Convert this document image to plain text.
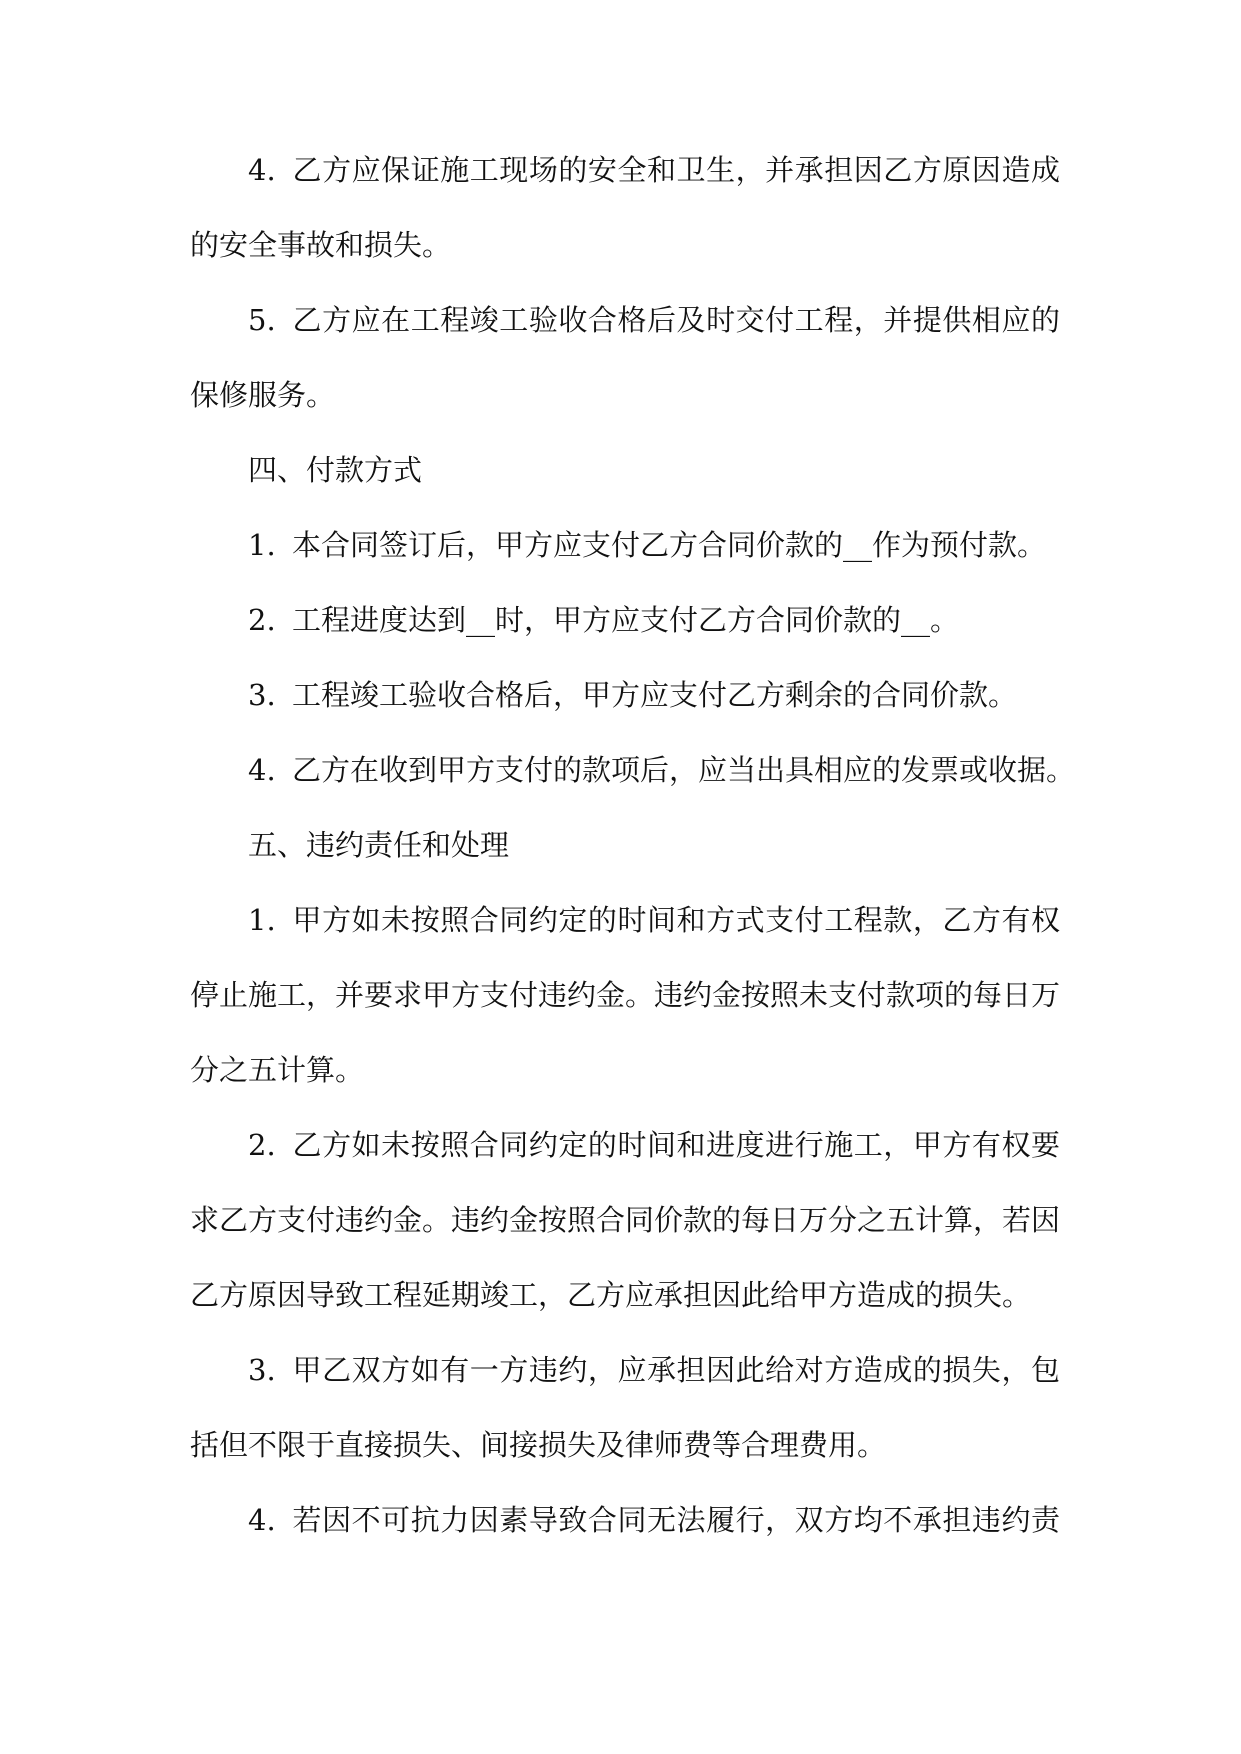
4. 乙方应保证施工现场的安全和卫生，并承担因乙方原因造成
的安全事故和损失。
5. 乙方应在工程竣工验收合格后及时交付工程，并提供相应的
保修服务。
四、付款方式
1. 本合同签订后，甲方应支付乙方合同价款的__作为预付款。
2. 工程进度达到__时，甲方应支付乙方合同价款的__。
3. 工程竣工验收合格后，甲方应支付乙方剩余的合同价款。
4. 乙方在收到甲方支付的款项后，应当出具相应的发票或收据。
五、违约责任和处理
1. 甲方如未按照合同约定的时间和方式支付工程款，乙方有权
停止施工，并要求甲方支付违约金。违约金按照未支付款项的每日万
分之五计算。
2. 乙方如未按照合同约定的时间和进度进行施工，甲方有权要
求乙方支付违约金。违约金按照合同价款的每日万分之五计算，若因
乙方原因导致工程延期竣工，乙方应承担因此给甲方造成的损失。
3. 甲乙双方如有一方违约，应承担因此给对方造成的损失，包
括但不限于直接损失、间接损失及律师费等合理费用。
4. 若因不可抗力因素导致合同无法履行，双方均不承担违约责
